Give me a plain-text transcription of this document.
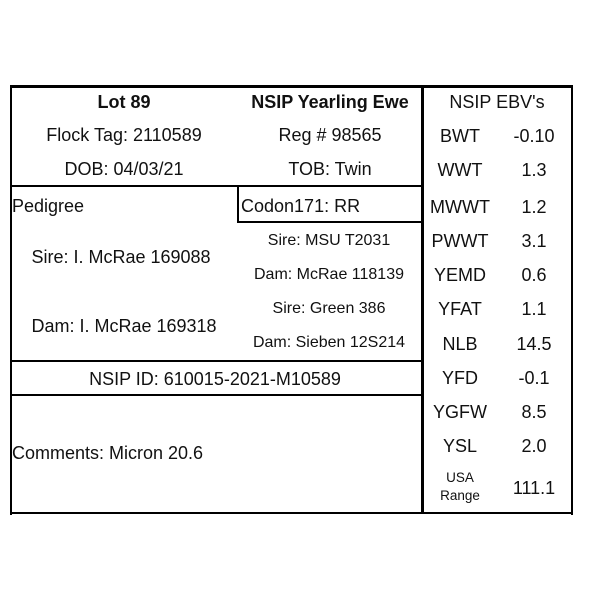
Lot 89	NSIP Yearling Ewe
Flock Tag: 2110589	Reg # 98565
DOB: 04/03/21	TOB: Twin
Pedigree	Codon171: RR
Sire: I. McRae 169088
Sire: MSU T2031
Dam: McRae 118139
Dam: I. McRae 169318
Sire: Green 386
Dam: Sieben 12S214
NSIP ID: 610015-2021-M10589
Comments: Micron 20.6
NSIP EBV's
BWT -0.10
WWT 1.3
MWWT 1.2
PWWT 3.1
YEMD 0.6
YFAT 1.1
NLB 14.5
YFD -0.1
YGFW 8.5
YSL 2.0
USA
Range 111.1
